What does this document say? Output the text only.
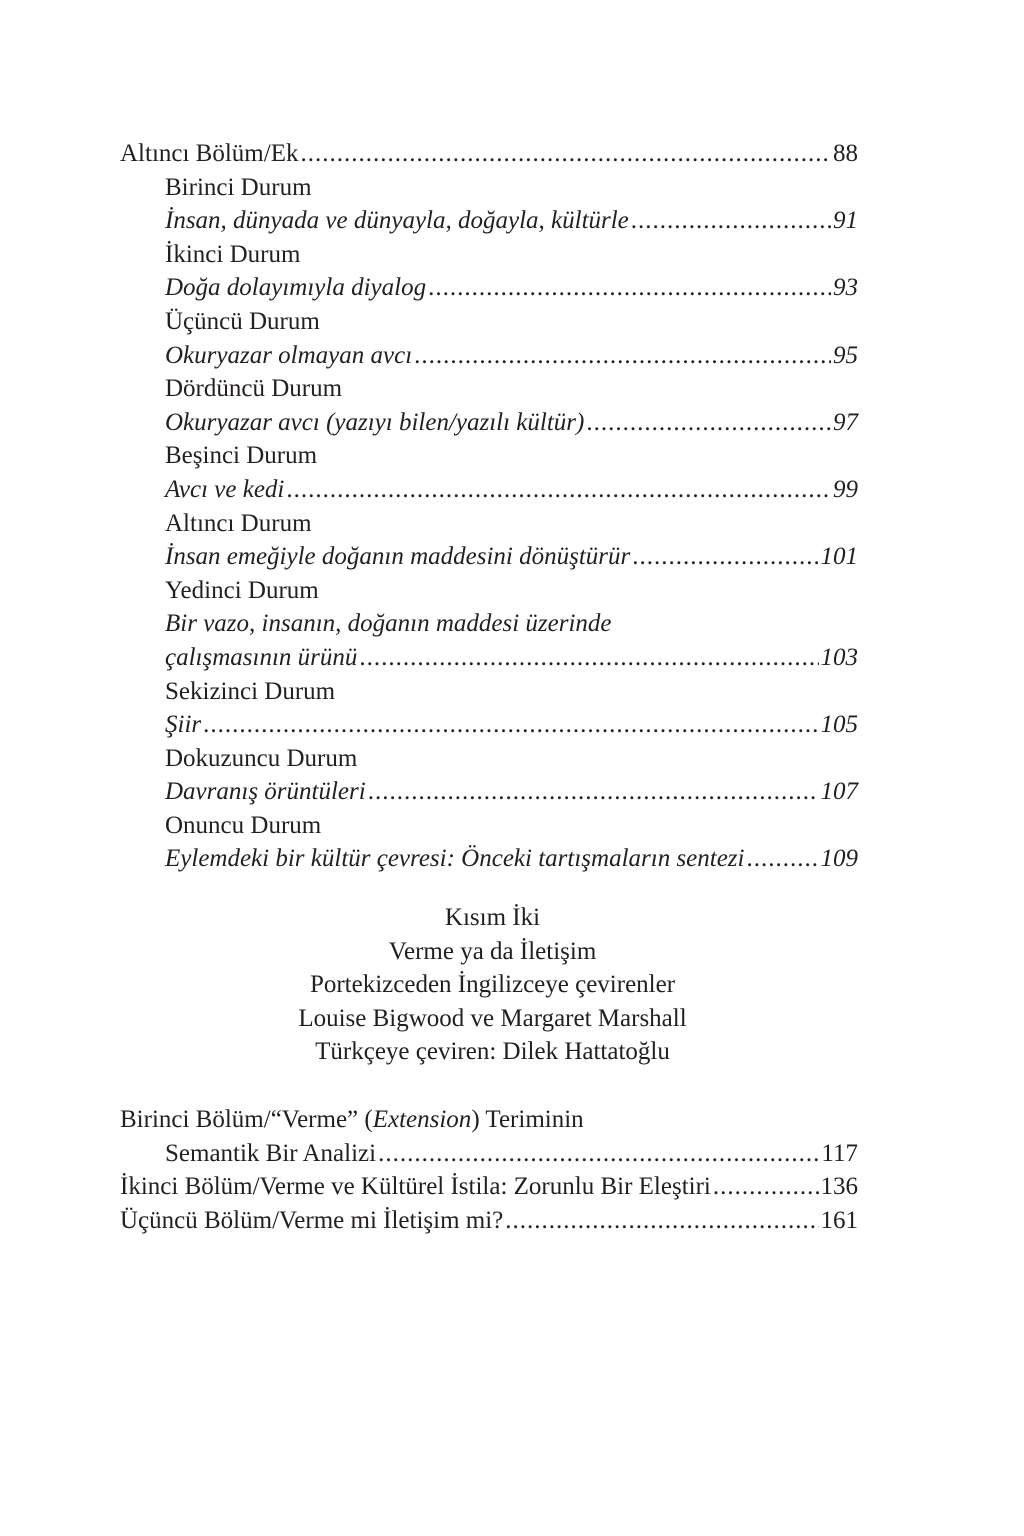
Altıncı Bölüm/Ek .....	88
Birinci Durum
İnsan, dünyada ve dünyayla, doğayla, kültürle .....	91
İkinci Durum
Doğa dolayımıyla diyalog .....	93
Üçüncü Durum
Okuryazar olmayan avcı .....	95
Dördüncü Durum
Okuryazar avcı (yazıyı bilen/yazılı kültür) .....	97
Beşinci Durum
Avcı ve kedi .....	99
Altıncı Durum
İnsan emeğiyle doğanın maddesini dönüştürür .....	101
Yedinci Durum
Bir vazo, insanın, doğanın maddesi üzerinde
çalışmasının ürünü .....	103
Sekizinci Durum
Şiir .....	105
Dokuzuncu Durum
Davranış örüntüleri .....	107
Onuncu Durum
Eylemdeki bir kültür çevresi: Önceki tartışmaların sentezi .....	109
Kısım İki
Verme ya da İletişim
Portekizceden İngilizceye çevirenler
Louise Bigwood ve Margaret Marshall
Türkçeye çeviren: Dilek Hattatoğlu
Birinci Bölüm/“Verme” (Extension) Teriminin
Semantik Bir Analizi .....	117
İkinci Bölüm/Verme ve Kültürel İstila: Zorunlu Bir Eleştiri .....	136
Üçüncü Bölüm/Verme mi İletişim mi? .....	161
